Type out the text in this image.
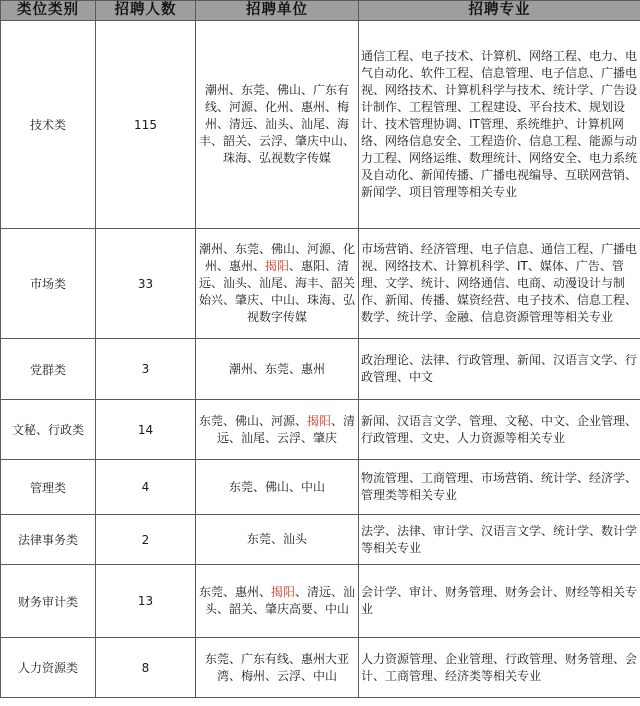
类位类别	招聘人数	招聘单位	招聘专业
技术类	115	潮州、东莞、佛山、广东有线、河源、化州、惠州、梅州、清远、汕头、汕尾、海丰、韶关、云浮、肇庆中山、珠海、弘视数字传媒	通信工程、电子技术、计算机、网络工程、电力、电气自动化、软件工程、信息管理、电子信息、广播电视、网络技术、计算机科学与技术、统计学、广告设计制作、工程管理、工程建设、平台技术、规划设计、技术管理协调、IT管理、系统维护、计算机网络、网络信息安全、工程造价、信息工程、能源与动力工程、网络运维、数理统计、网络安全、电力系统及自动化、新闻传播、广播电视编导、互联网营销、新闻学、项目管理等相关专业
市场类	33	潮州、东莞、佛山、河源、化州、惠州、揭阳、惠阳、清远、汕头、汕尾、海丰、韶关始兴、肇庆、中山、珠海、弘视数字传媒	市场营销、经济管理、电子信息、通信工程、广播电视、网络技术、计算机科学、IT、媒体、广告、管理、文学、统计、网络通信、电商、动漫设计与制作、新闻、传播、媒资经营、电子技术、信息工程、数学、统计学、金融、信息资源管理等相关专业
党群类	3	潮州、东莞、惠州	政治理论、法律、行政管理、新闻、汉语言文学、行政管理、中文
文秘、行政类	14	东莞、佛山、河源、揭阳、清远、汕尾、云浮、肇庆	新闻、汉语言文学、管理、文秘、中文、企业管理、行政管理、文史、人力资源等相关专业
管理类	4	东莞、佛山、中山	物流管理、工商管理、市场营销、统计学、经济学、管理类等相关专业
法律事务类	2	东莞、汕头	法学、法律、审计学、汉语言文学、统计学、数计学等相关专业
财务审计类	13	东莞、惠州、揭阳、清远、汕头、韶关、肇庆高要、中山	会计学、审计、财务管理、财务会计、财经等相关专业
人力资源类	8	东莞、广东有线、惠州大亚湾、梅州、云浮、中山	人力资源管理、企业管理、行政管理、财务管理、会计、工商管理、经济类等相关专业
